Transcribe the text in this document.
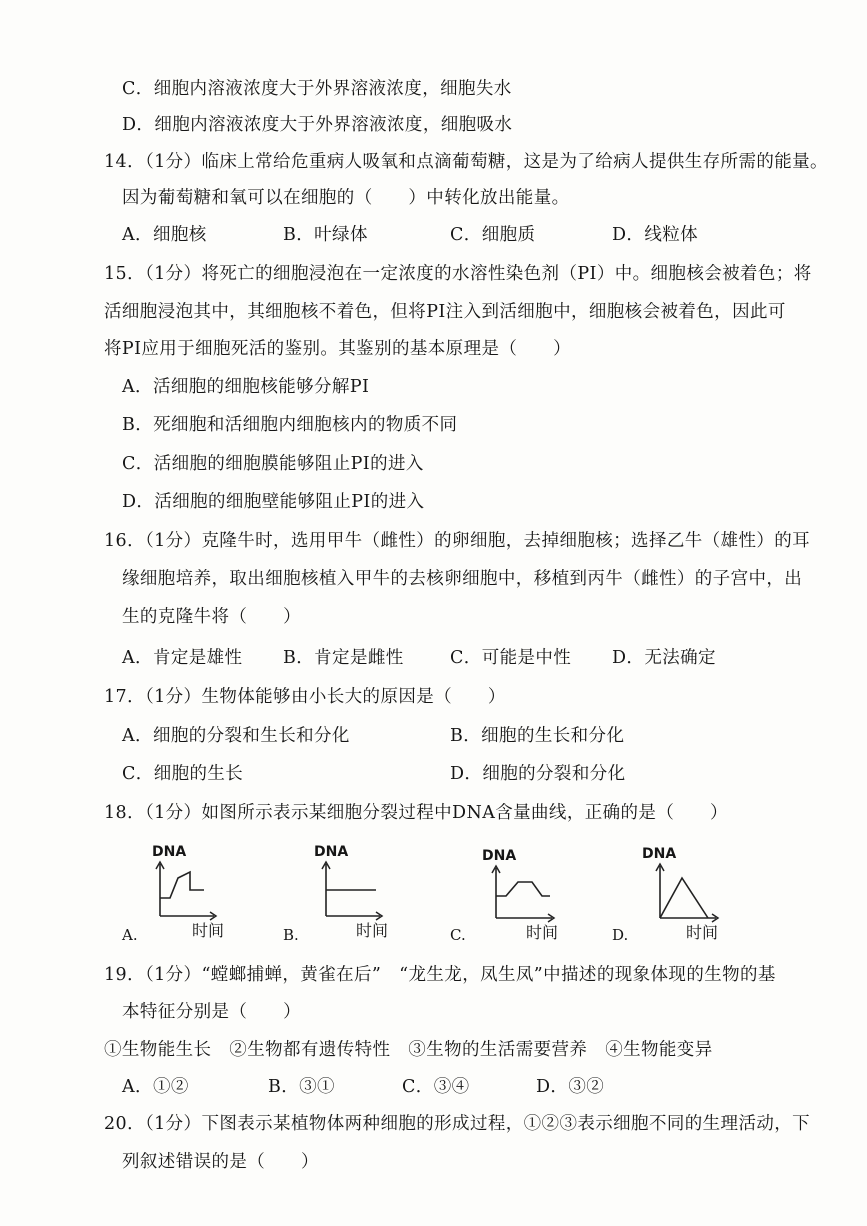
C．细胞内溶液浓度大于外界溶液浓度，细胞失水
D．细胞内溶液浓度大于外界溶液浓度，细胞吸水
14．（1分）临床上常给危重病人吸氧和点滴葡萄糖，这是为了给病人提供生存所需的能量。
因为葡萄糖和氧可以在细胞的（　　）中转化放出能量。
A．细胞核	B．叶绿体	C．细胞质	D．线粒体
15．（1分）将死亡的细胞浸泡在一定浓度的水溶性染色剂（PI）中。细胞核会被着色；将
活细胞浸泡其中，其细胞核不着色，但将PI注入到活细胞中，细胞核会被着色，因此可
将PI应用于细胞死活的鉴别。其鉴别的基本原理是（　　）
A．活细胞的细胞核能够分解PI
B．死细胞和活细胞内细胞核内的物质不同
C．活细胞的细胞膜能够阻止PI的进入
D．活细胞的细胞壁能够阻止PI的进入
16．（1分）克隆牛时，选用甲牛（雌性）的卵细胞，去掉细胞核；选择乙牛（雄性）的耳
缘细胞培养，取出细胞核植入甲牛的去核卵细胞中，移植到丙牛（雌性）的子宫中，出
生的克隆牛将（　　）
A．肯定是雄性 B．肯定是雌性	C．可能是中性 D．无法确定
17．（1分）生物体能够由小长大的原因是（　　）
A．细胞的分裂和生长和分化	B．细胞的生长和分化
C．细胞的生长	D．细胞的分裂和分化
18．（1分）如图所示表示某细胞分裂过程中DNA含量曲线，正确的是（　　）
A.
DNA
时间	B.
DNA
时间	C.
DNA
时间	D.
DNA
时间
19．（1分）“螳螂捕蝉，黄雀在后”　“龙生龙，凤生凤”中描述的现象体现的生物的基
本特征分别是（　　）
①生物能生长　②生物都有遗传特性　③生物的生活需要营养　④生物能变异
A．①②	B．③①	C．③④	D．③②
20．（1分）下图表示某植物体两种细胞的形成过程，①②③表示细胞不同的生理活动，下
列叙述错误的是（　　）
